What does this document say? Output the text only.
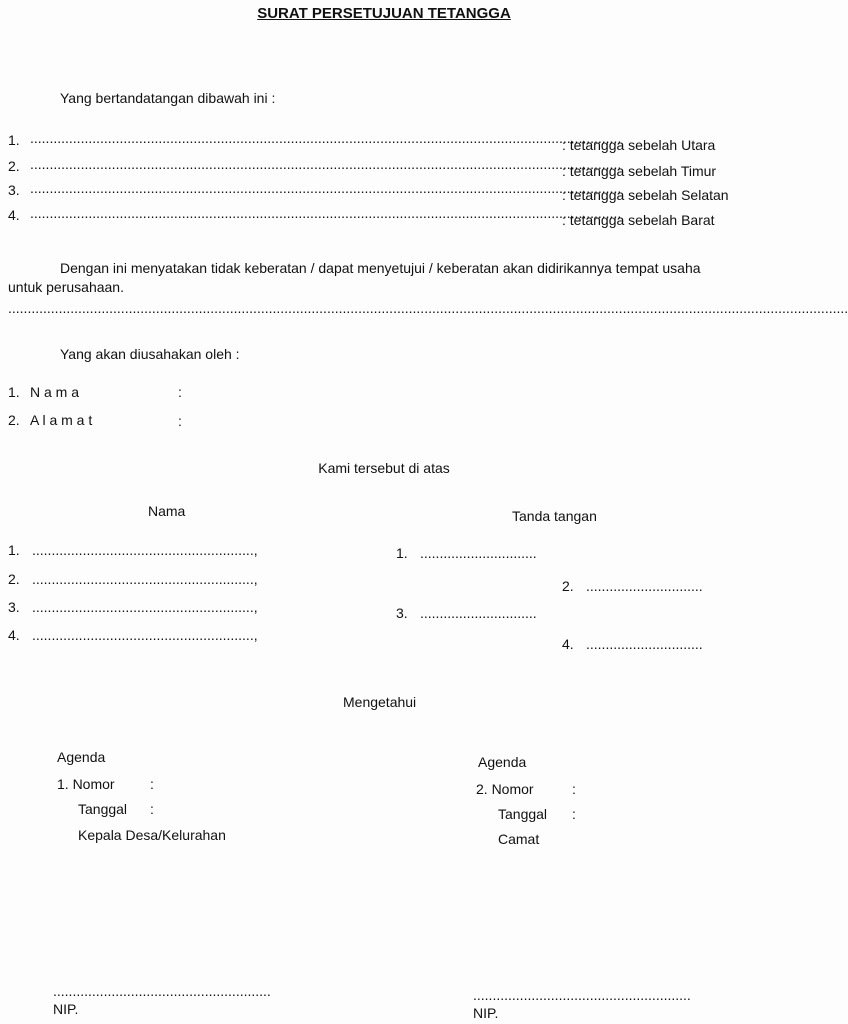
SURAT PERSETUJUAN TETANGGA
Yang bertandatangan dibawah ini :
1. ........................................................................................................................................................
: tetangga sebelah Utara
2. ........................................................................................................................................................
: tetangga sebelah Timur
3. ........................................................................................................................................................
: tetangga sebelah Selatan
4. ........................................................................................................................................................
: tetangga sebelah Barat
Dengan ini menyatakan tidak keberatan / dapat menyetujui / keberatan akan didirikannya tempat usaha
untuk perusahaan.
........................................................................................................................................................................................................................
Yang akan diusahakan oleh :
1. N a m a	:
2. A l a m a t	:
Kami tersebut di atas
Nama	Tanda tangan
1. .........................................................,
2. .........................................................,
3. .........................................................,
4. .........................................................,
1. ..............................
2. ..............................
3. ..............................
4. ..............................
Mengetahui
Agenda
1. Nomor	:
Tanggal :
Kepala Desa/Kelurahan
........................................................
NIP.
Agenda
2. Nomor	:
Tanggal :
Camat
........................................................
NIP.
